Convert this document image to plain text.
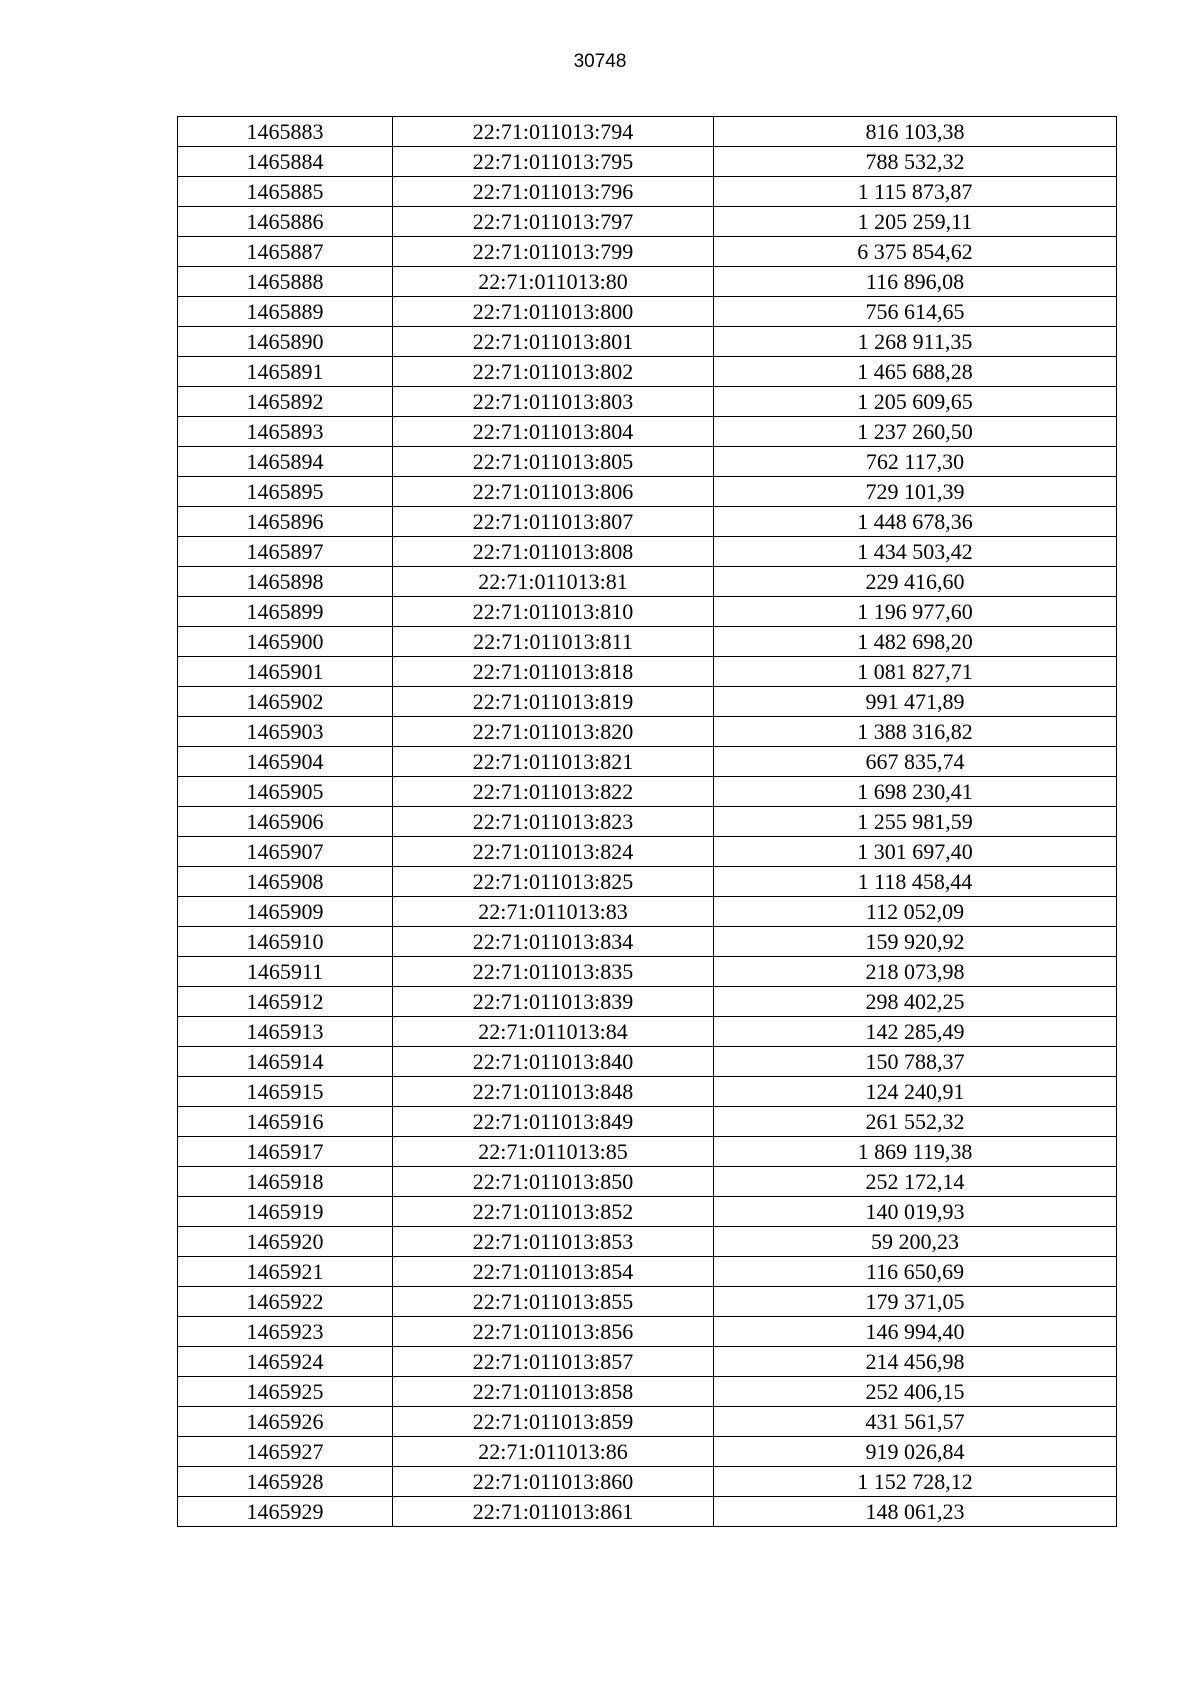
30748
1465883	22:71:011013:794	816 103,38
1465884	22:71:011013:795	788 532,32
1465885	22:71:011013:796	1 115 873,87
1465886	22:71:011013:797	1 205 259,11
1465887	22:71:011013:799	6 375 854,62
1465888	22:71:011013:80	116 896,08
1465889	22:71:011013:800	756 614,65
1465890	22:71:011013:801	1 268 911,35
1465891	22:71:011013:802	1 465 688,28
1465892	22:71:011013:803	1 205 609,65
1465893	22:71:011013:804	1 237 260,50
1465894	22:71:011013:805	762 117,30
1465895	22:71:011013:806	729 101,39
1465896	22:71:011013:807	1 448 678,36
1465897	22:71:011013:808	1 434 503,42
1465898	22:71:011013:81	229 416,60
1465899	22:71:011013:810	1 196 977,60
1465900	22:71:011013:811	1 482 698,20
1465901	22:71:011013:818	1 081 827,71
1465902	22:71:011013:819	991 471,89
1465903	22:71:011013:820	1 388 316,82
1465904	22:71:011013:821	667 835,74
1465905	22:71:011013:822	1 698 230,41
1465906	22:71:011013:823	1 255 981,59
1465907	22:71:011013:824	1 301 697,40
1465908	22:71:011013:825	1 118 458,44
1465909	22:71:011013:83	112 052,09
1465910	22:71:011013:834	159 920,92
1465911	22:71:011013:835	218 073,98
1465912	22:71:011013:839	298 402,25
1465913	22:71:011013:84	142 285,49
1465914	22:71:011013:840	150 788,37
1465915	22:71:011013:848	124 240,91
1465916	22:71:011013:849	261 552,32
1465917	22:71:011013:85	1 869 119,38
1465918	22:71:011013:850	252 172,14
1465919	22:71:011013:852	140 019,93
1465920	22:71:011013:853	59 200,23
1465921	22:71:011013:854	116 650,69
1465922	22:71:011013:855	179 371,05
1465923	22:71:011013:856	146 994,40
1465924	22:71:011013:857	214 456,98
1465925	22:71:011013:858	252 406,15
1465926	22:71:011013:859	431 561,57
1465927	22:71:011013:86	919 026,84
1465928	22:71:011013:860	1 152 728,12
1465929	22:71:011013:861	148 061,23
